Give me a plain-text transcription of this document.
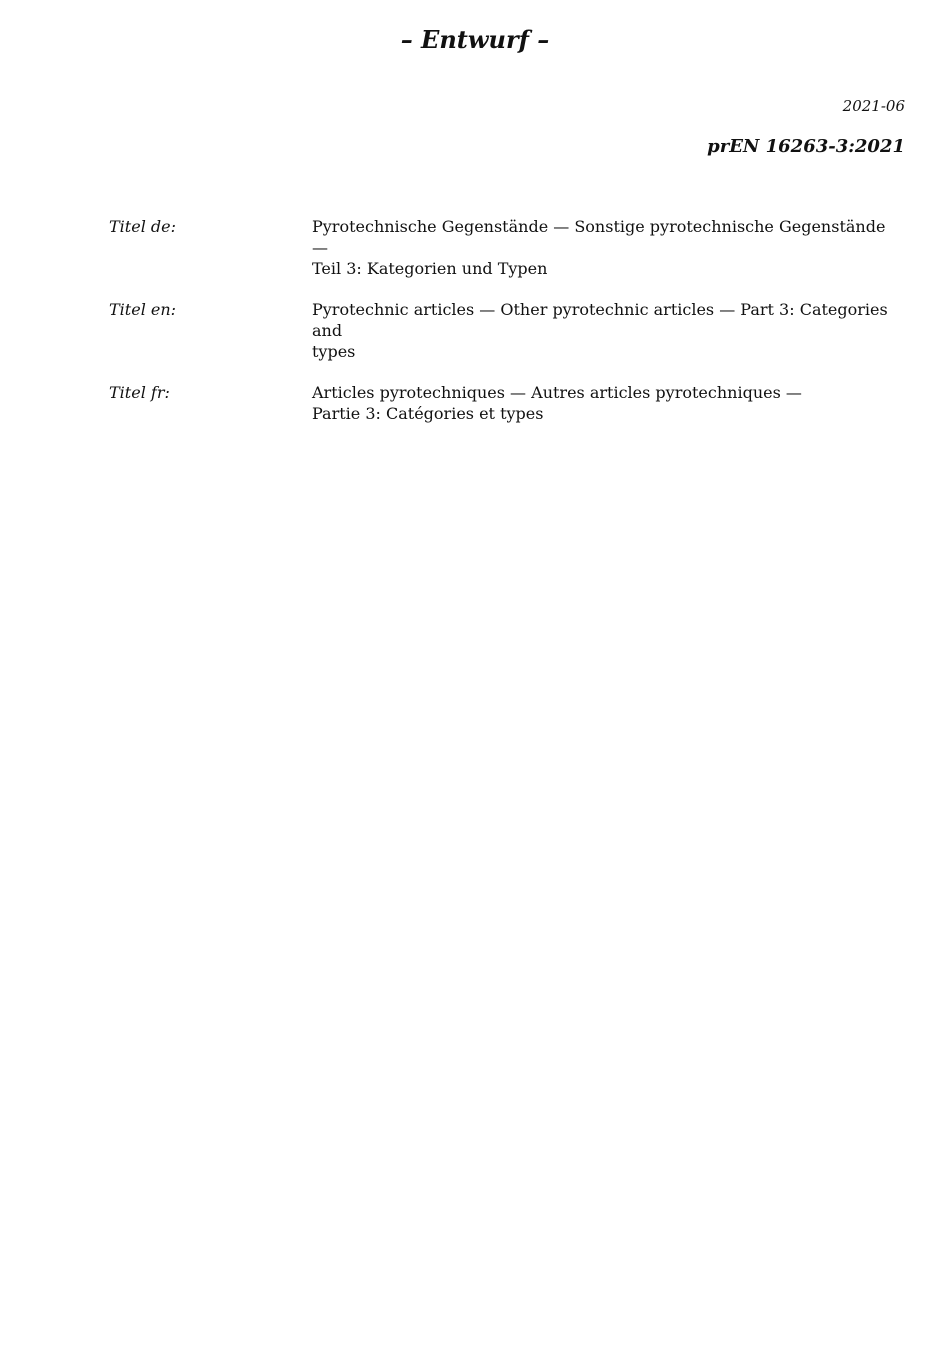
– Entwurf –
2021-06
prEN 16263-3:2021
Titel de:	Pyrotechnische Gegenstände — Sonstige pyrotechnische Gegenstände —
Teil 3: Kategorien und Typen
Titel en:	Pyrotechnic articles — Other pyrotechnic articles — Part 3: Categories and
types
Titel fr:	Articles pyrotechniques — Autres articles pyrotechniques —
Partie 3: Catégories et types
